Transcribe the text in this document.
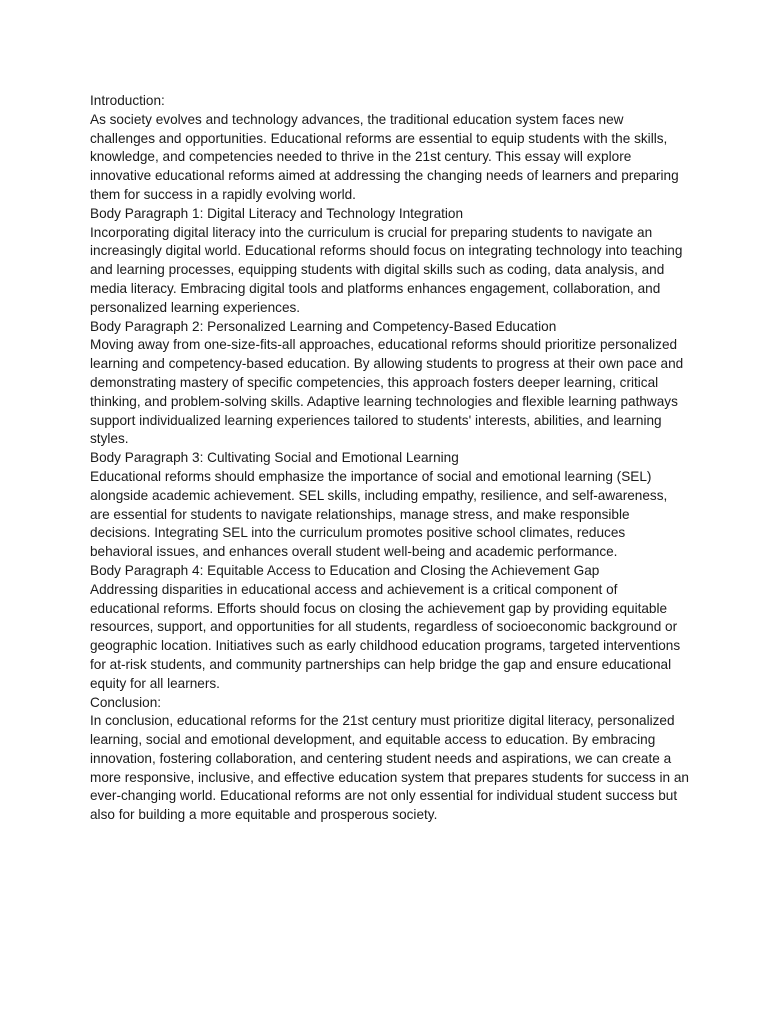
Introduction:

As society evolves and technology advances, the traditional education system faces new challenges and opportunities. Educational reforms are essential to equip students with the skills, knowledge, and competencies needed to thrive in the 21st century. This essay will explore innovative educational reforms aimed at addressing the changing needs of learners and preparing them for success in a rapidly evolving world.

Body Paragraph 1: Digital Literacy and Technology Integration

Incorporating digital literacy into the curriculum is crucial for preparing students to navigate an increasingly digital world. Educational reforms should focus on integrating technology into teaching and learning processes, equipping students with digital skills such as coding, data analysis, and media literacy. Embracing digital tools and platforms enhances engagement, collaboration, and personalized learning experiences.

Body Paragraph 2: Personalized Learning and Competency-Based Education

Moving away from one-size-fits-all approaches, educational reforms should prioritize personalized learning and competency-based education. By allowing students to progress at their own pace and demonstrating mastery of specific competencies, this approach fosters deeper learning, critical thinking, and problem-solving skills. Adaptive learning technologies and flexible learning pathways support individualized learning experiences tailored to students' interests, abilities, and learning styles.

Body Paragraph 3: Cultivating Social and Emotional Learning

Educational reforms should emphasize the importance of social and emotional learning (SEL) alongside academic achievement. SEL skills, including empathy, resilience, and self-awareness, are essential for students to navigate relationships, manage stress, and make responsible decisions. Integrating SEL into the curriculum promotes positive school climates, reduces behavioral issues, and enhances overall student well-being and academic performance.

Body Paragraph 4: Equitable Access to Education and Closing the Achievement Gap

Addressing disparities in educational access and achievement is a critical component of educational reforms. Efforts should focus on closing the achievement gap by providing equitable resources, support, and opportunities for all students, regardless of socioeconomic background or geographic location. Initiatives such as early childhood education programs, targeted interventions for at-risk students, and community partnerships can help bridge the gap and ensure educational equity for all learners.

Conclusion:

In conclusion, educational reforms for the 21st century must prioritize digital literacy, personalized learning, social and emotional development, and equitable access to education. By embracing innovation, fostering collaboration, and centering student needs and aspirations, we can create a more responsive, inclusive, and effective education system that prepares students for success in an ever-changing world. Educational reforms are not only essential for individual student success but also for building a more equitable and prosperous society.
